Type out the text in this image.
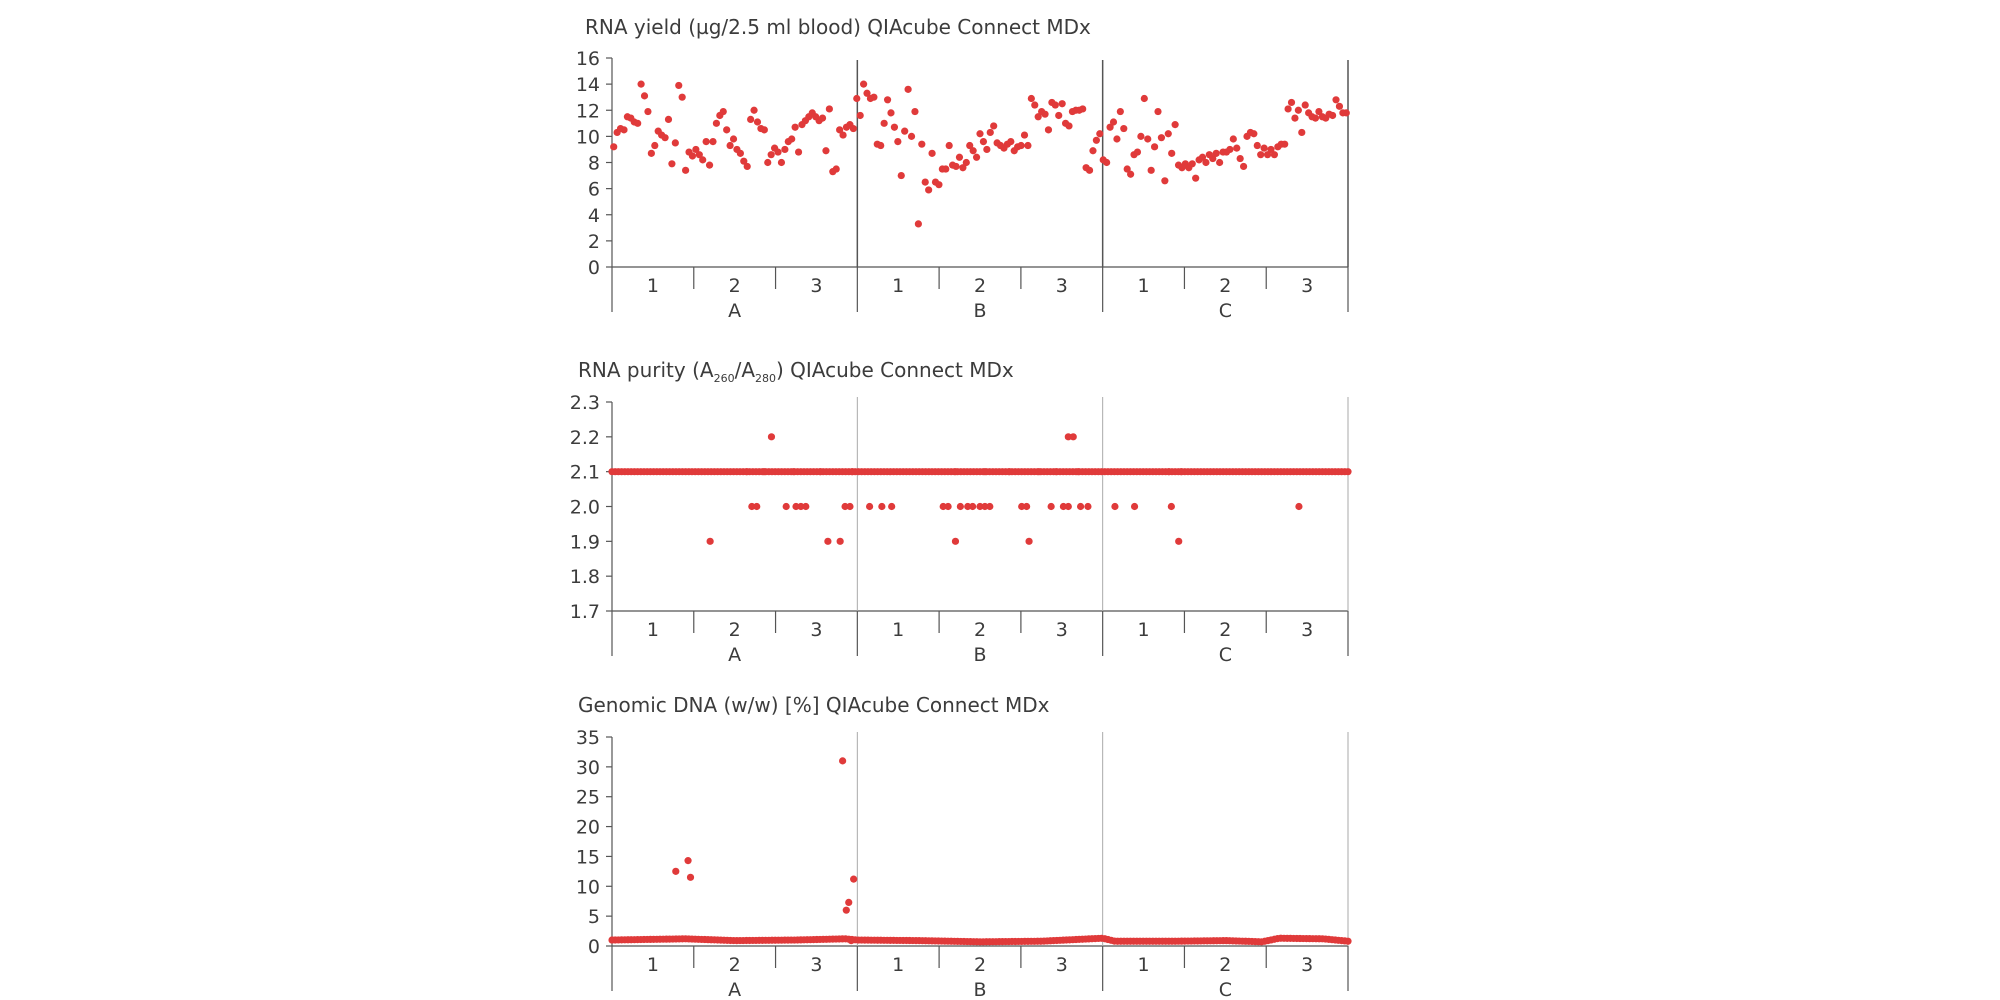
RNA yield (µg/2.5 ml blood) QIAcube Connect MDx
0
2
4
6
8
10
12
14
16
1	2	3
A
1	2	3
B
1	2	3
C
RNA purity $(A_{260}/A_{280})$ QIAcube Connect MDx
1.7
1.8
1.9
2.0
2.1
2.2
2.3
1	2	3
A
1	2	3
B
1	2	3
C
Genomic DNA (w/w) [%] QIAcube Connect MDx
0
5
10
15
20
25
30
35
1	2	3
A
1	2	3
B
1	2	3
C
